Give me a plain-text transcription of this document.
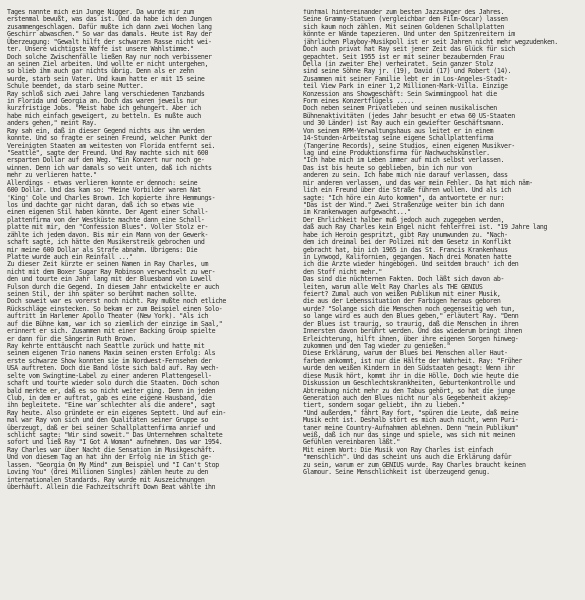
Tages nannte mich ein Junge Nigger. Da wurde mir zum
erstenmal bewußt, was das ist. Und da habe ich den Jungen
zusammengeschlagen. Dafür mußte ich dann zwei Wochen lang
Geschirr abwaschen." So war das damals. Heute ist Ray der
Überzeugung: "Gewalt hilft der schwarzen Rasse nicht wei-
ter. Unsere wichtigste Waffe ist unsere Wahlstimme."
Doch solche Zwischenfälle ließen Ray nur noch verbissener
an seinen Ziel arbeiten. Und wollte er nicht untergehen,
so blieb ihm auch gar nichts übrig. Denn als er zehn
wurde, starb sein Vater. Und kaum hatte er mit 15 seine
Schule beendet, da starb seine Mutter.
Ray schloß sich zwei Jahre lang verschiedenen Tanzbands
in Florida und Georgia an. Doch das waren jeweils nur
kurzfristige Jobs. "Meist habe ich gehungert. Aber ich
habe mich einfach geweigert, zu betteln. Es mußte auch
anders gehen," meint Ray.
Ray sah ein, daß in dieser Gegend nichts aus ihm werden
konnte. Und so fragte er seinen Freund, welcher Punkt der
Vereinigten Staaten am weitesten von Florida entfernt sei.
"Seattle", sagte der Freund. Und Ray machte sich mit 600
ersparten Dollar auf den Weg. "Ein Konzert nur noch ge-
winnen. Denn ich war damals so weit unten, daß ich nichts
mehr zu verlieren hatte."
Allerdings - etwas verlieren konnte er dennoch: seine
600 Dollar. Und das kam so: "Meine Vorbilder waren Nat
'King' Cole und Charles Brown. Ich kopierte ihre Hemmungs-
los und dachte gar nicht daran, daß ich so etwas wie
einen eigenen Stil haben könnte. Der Agent einer Schall-
plattenfirma von der Westküste machte dann eine Schall-
platte mit mir, den "Confession Blues". Voller Stolz er-
zählte ich jedem davon. Bis mir ein Mann von der Gewerk-
schaft sagte, ich hätte den Musikerstreik gebrochen und
mir meine 600 Dollar als Strafe abnahm. Übrigens: Die
Platte wurde auch ein Reinfall ..."
Zu dieser Zeit kürzte er seinen Namen in Ray Charles, um
nicht mit dem Boxer Sugar Ray Robinson verwechselt zu wer-
den und tourte ein Jahr lang mit der Bluesband von Lowell
Fulson durch die Gegend. In diesem Jahr entwickelte er auch
seinen Stil, der ihn später so berühmt machen sollte.
Doch soweit war es vorerst noch nicht. Ray mußte noch etliche
Rückschläge einstecken. So bekam er zum Beispiel einen Solo-
auftritt im Harlemer Apollo Theater (New York). "Als ich
auf die Bühne kam, war ich so ziemlich der einzige im Saal,"
erinnert er sich. Zusammen mit einer Backing Group spielte
er dann für die Sängerin Ruth Brown.
Ray kehrte enttäuscht nach Seattle zurück und hatte mit
seinem eigenen Trio namens Maxim seinen ersten Erfolg: Als
erste schwarze Show konnten sie im Nordwest-Fernsehen der
USA auftreten. Doch die Band löste sich bald auf. Ray wech-
selte vom Swingtime-Label zu einer anderen Plattengesell-
schaft und tourte wieder solo durch die Staaten. Doch schon
bald merkte er, daß es so nicht weiter ging. Denn in jeden
Club, in dem er auftrat, gab es eine eigene Hausband, die
ihn begleitete. "Eine war schlechter als die andere", sagt
Ray heute. Also gründete er ein eigenes Septett. Und auf ein-
mal war Ray von sich und den Qualitäten seiner Gruppe so
überzeugt, daß er bei seiner Schallplattenfirma anrief und
schlicht sagte: "Wir sind soweit." Das Unternehmen schaltete
sofort und ließ Ray "I Got A Woman" aufnehmen. Das war 1954.
Ray Charles war über Nacht die Sensation im Musikgeschäft.
Und von diesem Tag an hat ihn der Erfolg nie im Stich ge-
lassen. "Georgia On My Mind" zum Beispiel und "I Can't Stop
Loving You" (drei Millionen Singles) zählen heute zu den
internationalen Standards. Ray wurde mit Auszeichnungen
überhäuft. Allein die Fachzeitschrift Down Beat wählte ihn
fünfmal hintereinander zum besten Jazzsänger des Jahres.
Seine Grammy-Statuen (vergleichbar dem Film-Oscar) lassen
sich kaum noch zählen. Mit seinen Goldenen Schallplatten
könnte er Wände tapezieren. Und unter den Spitzenreitern im
jährlichen Playboy-Musikpoll ist er seit Jahren nicht mehr wegzudenken.
Doch auch privat hat Ray seit jener Zeit das Glück für sich
gepachtet. Seit 1955 ist er mit seiner bezaubernden Frau
Della (in zweiter Ehe) verheiratet. Sein ganzer Stolz
sind seine Söhne Ray jr. (19), David (17) und Robert (14).
Zusammen mit seiner Familie lebt er im Los-Angeles-Stadt-
teil View Park in einer 1,2 Millionen-Mark-Villa. Einzige
Konzession ans Showgeschäft: Sein Swimmingpool hat die
Form eines Konzertflügels .....
Doch neben seinem Privatleben und seinen musikalischen
Bühnenaktivitäten (jedes Jahr besucht er etwa 60 US-Staaten
und 30 Länder) ist Ray auch ein gewiefter Geschäftsmann.
Von seinem RPM-Verwaltungshaus aus leitet er in einem
14-Stunden-Arbeitstag seine eigene Schallplattenfirma
(Tangerine Records), seine Studios, einen eigenen Musikver-
lag und eine Produktionsfirma für Nachwuchskünstler.
"Ich habe mich im Leben immer auf mich selbst verlassen.
Das ist bis heute so geblieben, bin ich nur von
anderen zu sein. Ich habe mich nie darauf verlassen, dass
mir anderen verlassen, und das war mein Fehler. Da hat mich näm-
lich ein Freund über die Straße führen wollen. Und als ich
sagte: "Ich höre ein Auto kommen", da antwortete er nur:
"Das ist der Wind." Zwei Straßenzüge weiter bin ich dann
im Krankenwagen aufgewacht..."
Der Ehrlichkeit halber muß jedoch auch zugegeben werden,
daß auch Ray Charles kein Engel nicht fehlerfrei ist. "19 Jahre lang
habe ich Heroin gespritzt, gibt Ray unumwunden zu. "Nach-
dem ich dreimal bei der Polizei mit dem Gesetz in Konflikt
gebracht hat, bin ich 1965 in das St. Francis Krankenhaus
in Lynwood, Kalifornien, gegangen. Nach drei Monaten hatte
ich die Ärzte wieder hingebogen. Und seitdem brauch' ich den
den Stoff nicht mehr."
Das sind die nüchternen Fakten. Doch läßt sich davon ab-
leiten, warum alle Welt Ray Charles als THE GENIUS
feiert? Zumal auch von weißen Publikum mit einer Musik,
die aus der Lebenssituation der Farbigen heraus geboren
wurde? "Solange sich die Menschen noch gegenseitig weh tun,
so lange wird es auch den Blues geben," erläutert Ray. "Denn
der Blues ist traurig, so traurig, daß die Menschen in ihren
Innersten davon berührt werden. Und das wiederum bringt ihnen
Erleichterung, hilft ihnen, über ihre eigenen Sorgen hinweg-
zukommen und den Tag wieder zu genießen."
Diese Erklärung, warum der Blues bei Menschen aller Haut-
farben ankommt, ist nur die Hälfte der Wahrheit. Ray: "Früher
wurde den weißen Kindern in den Südstaaten gesagt: Wenn ihr
diese Musik hört, kommt ihr in die Hölle. Doch wie heute die
Diskussion um Geschlechtskrankheiten, Geburtenkontrolle und
Abtreibung nicht mehr zu den Tabus gehört, so hat die junge
Generation auch den Blues nicht nur als Gegebenheit akzep-
tiert, sondern sogar geliebt, ihn zu lieben."
"Und außerdem," fährt Ray fort, "spüren die Leute, daß meine
Musik echt ist. Deshalb stört es mich auch nicht, wenn Puri-
taner meine Country-Aufnahmen ablehnen. Denn "mein Publikum"
weiß, daß ich nur das singe und spiele, was sich mit meinen
Gefühlen vereinbaren läßt."
Mit einem Wort: Die Musik von Ray Charles ist einfach
"menschlich". Und das scheint uns auch die Erklärung dafür
zu sein, warum er zum GENIUS wurde. Ray Charles braucht keinen
Glamour. Seine Menschlichkeit ist überzeugend genug.
